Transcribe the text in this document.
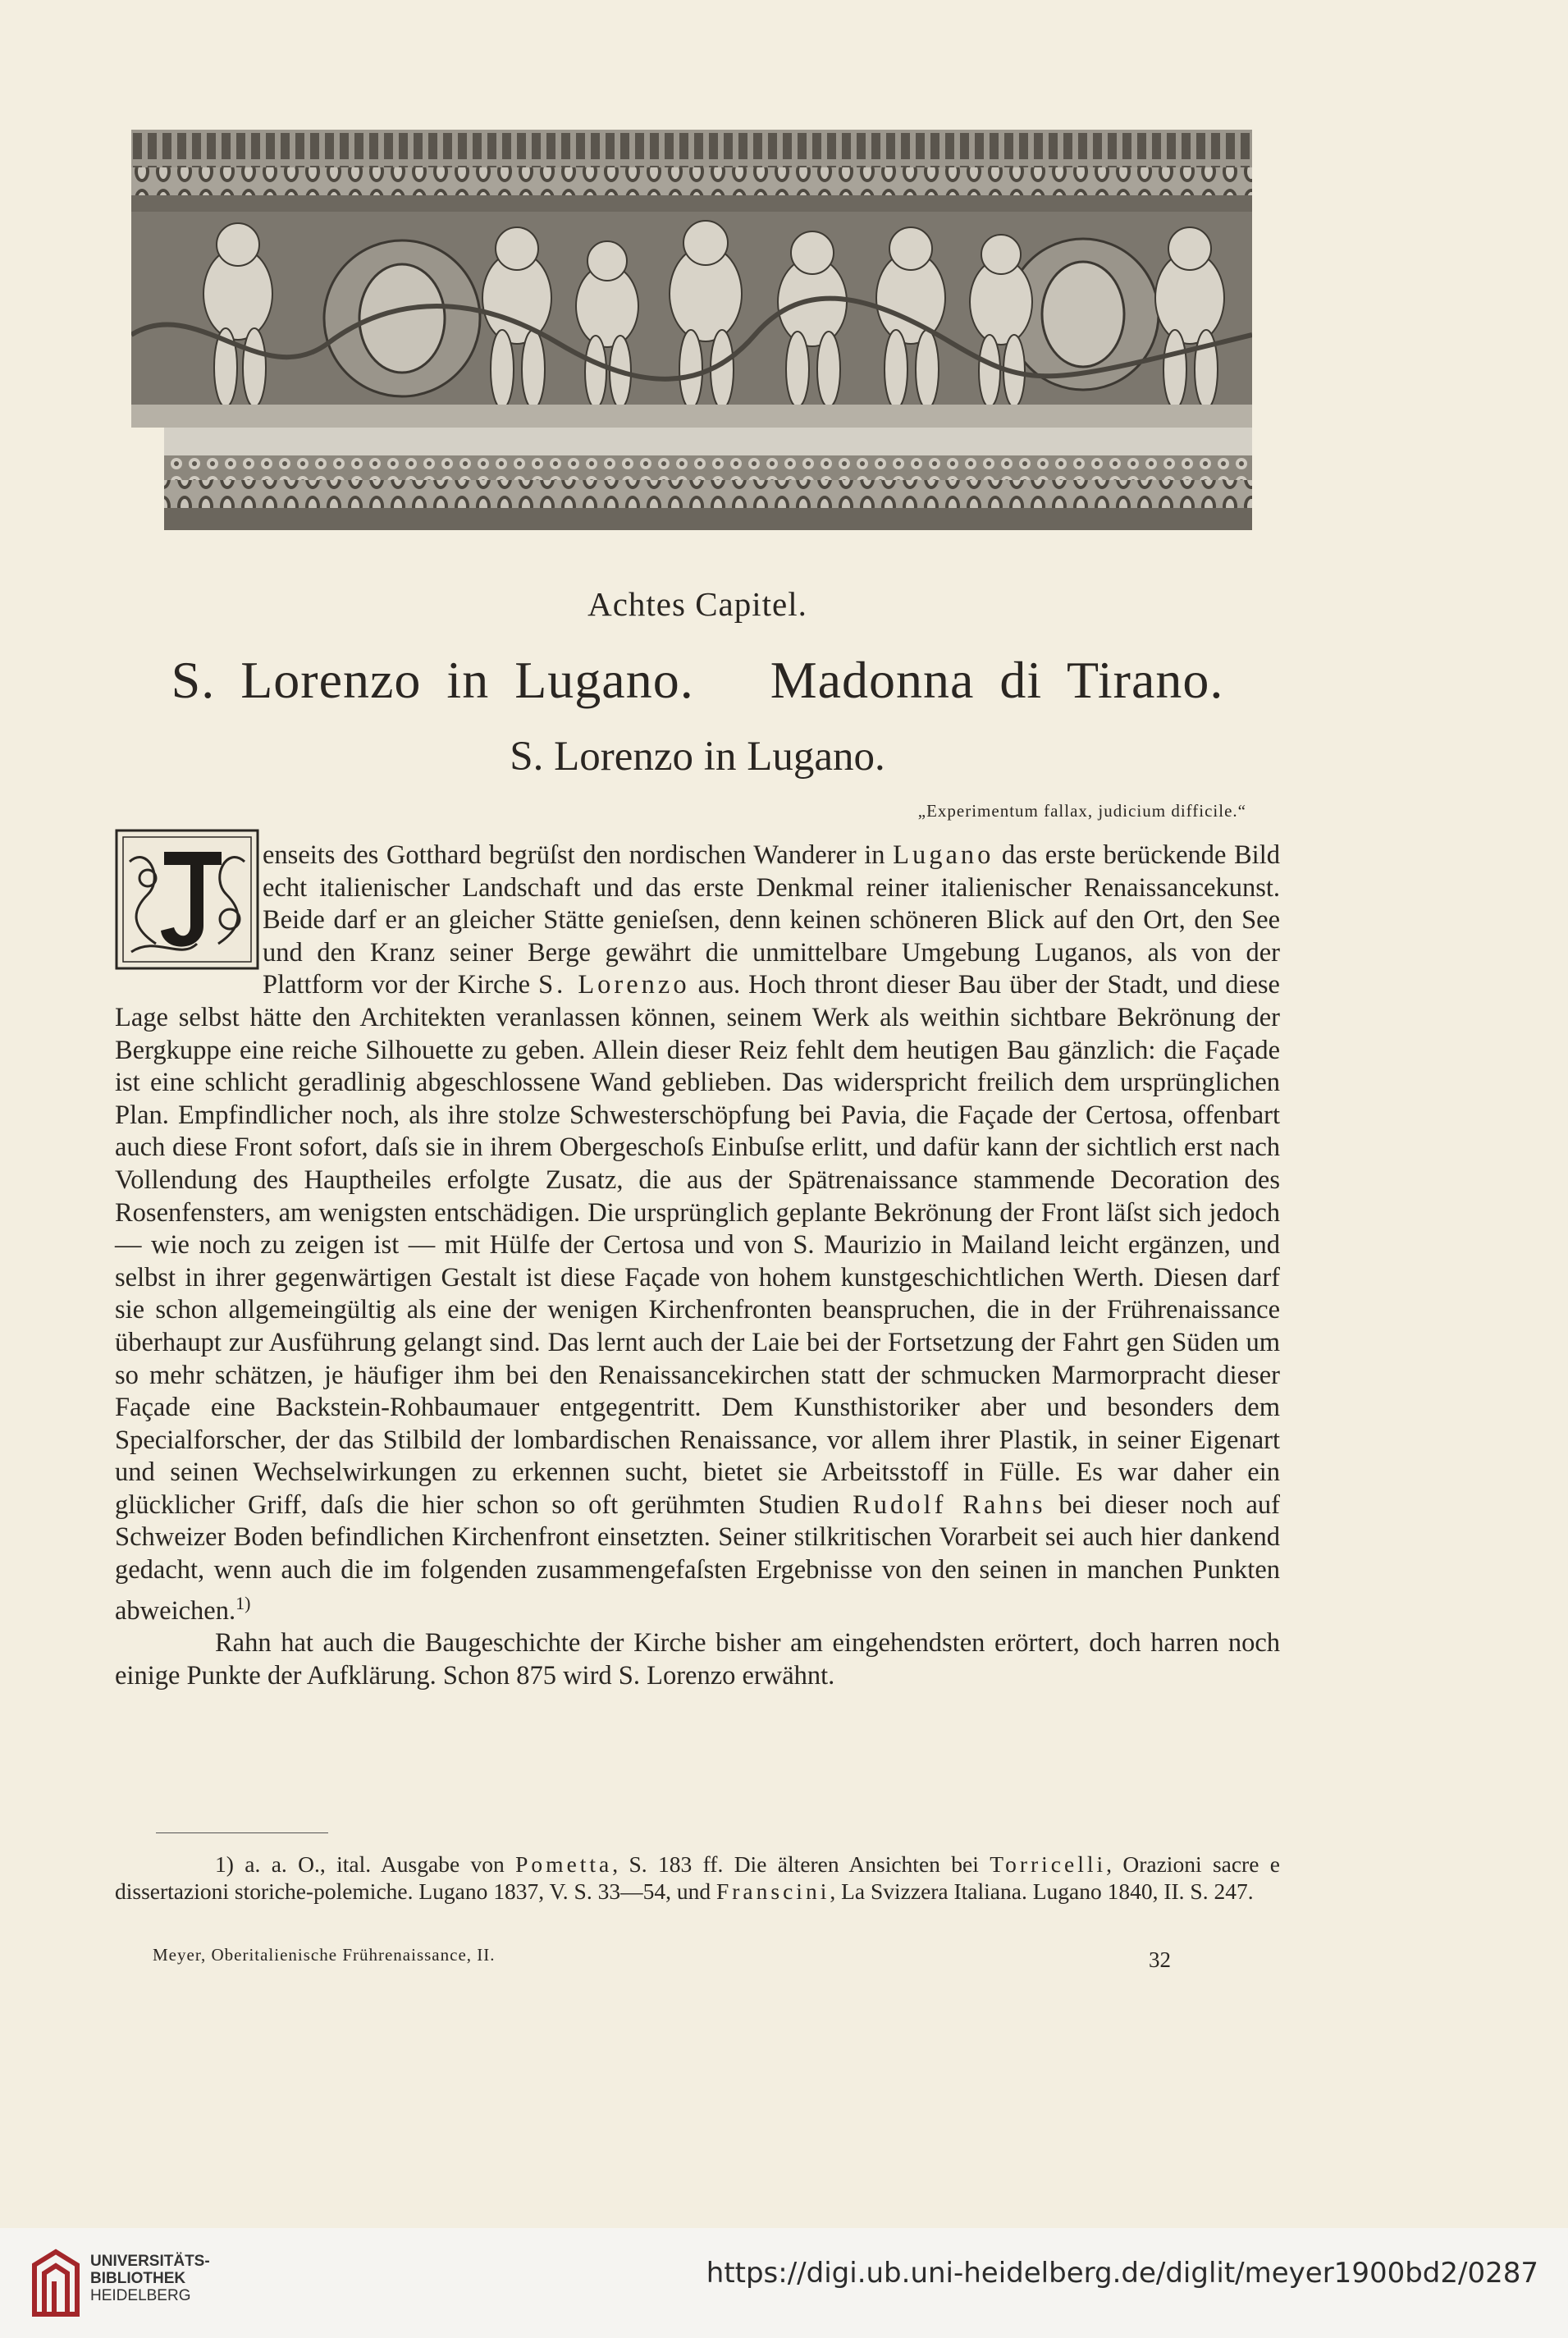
Achtes Capitel.
S. Lorenzo in Lugano.   Madonna di Tirano.
S. Lorenzo in Lugano.
„Experimentum fallax, judicium difficile.“

enseits des Gotthard begrüſst den nordischen Wanderer in Lugano das erste berückende Bild echt italienischer Landschaft und das erste Denkmal reiner italienischer Renaissancekunst. Beide darf er an gleicher Stätte genieſsen, denn keinen schöneren Blick auf den Ort, den See und den Kranz seiner Berge gewährt die unmittelbare Umgebung Luganos, als von der Plattform vor der Kirche S. Lorenzo aus. Hoch thront dieser Bau über der Stadt, und diese Lage selbst hätte den Architekten veranlassen können, seinem Werk als weithin sichtbare Bekrönung der Bergkuppe eine reiche Silhouette zu geben. Allein dieser Reiz fehlt dem heutigen Bau gänzlich: die Façade ist eine schlicht geradlinig abgeschlossene Wand geblieben. Das widerspricht freilich dem ursprünglichen Plan. Empfindlicher noch, als ihre stolze Schwesterschöpfung bei Pavia, die Façade der Certosa, offenbart auch diese Front sofort, daſs sie in ihrem Obergeschoſs Einbuſse erlitt, und dafür kann der sichtlich erst nach Vollendung des Hauptheiles erfolgte Zusatz, die aus der Spätrenaissance stammende Decoration des Rosenfensters, am wenigsten entschädigen. Die ursprünglich geplante Bekrönung der Front läſst sich jedoch — wie noch zu zeigen ist — mit Hülfe der Certosa und von S. Maurizio in Mailand leicht ergänzen, und selbst in ihrer gegenwärtigen Gestalt ist diese Façade von hohem kunstgeschichtlichen Werth. Diesen darf sie schon allgemeingültig als eine der wenigen Kirchenfronten beanspruchen, die in der Frührenaissance überhaupt zur Ausführung gelangt sind. Das lernt auch der Laie bei der Fortsetzung der Fahrt gen Süden um so mehr schätzen, je häufiger ihm bei den Renaissancekirchen statt der schmucken Marmorpracht dieser Façade eine Backstein-Rohbaumauer entgegentritt. Dem Kunsthistoriker aber und besonders dem Specialforscher, der das Stilbild der lombardischen Renaissance, vor allem ihrer Plastik, in seiner Eigenart und seinen Wechselwirkungen zu erkennen sucht, bietet sie Arbeitsstoff in Fülle. Es war daher ein glücklicher Griff, daſs die hier schon so oft gerühmten Studien Rudolf Rahns bei dieser noch auf Schweizer Boden befindlichen Kirchenfront einsetzten. Seiner stilkritischen Vorarbeit sei auch hier dankend gedacht, wenn auch die im folgenden zusammengefaſsten Ergebnisse von den seinen in manchen Punkten abweichen.$^{1)}$

Rahn hat auch die Baugeschichte der Kirche bisher am eingehendsten erörtert, doch harren noch einige Punkte der Aufklärung. Schon 875 wird S. Lorenzo erwähnt.

1) a. a. O., ital. Ausgabe von Pometta, S. 183 ff. Die älteren Ansichten bei Torricelli, Orazioni sacre e dissertazioni storiche-polemiche. Lugano 1837, V. S. 33—54, und Franscini, La Svizzera Italiana. Lugano 1840, II. S. 247.

Meyer, Oberitalienische Frührenaissance, II.	32
UNIVERSITÄTS-
BIBLIOTHEK
HEIDELBERG
https://digi.ub.uni-heidelberg.de/diglit/meyer1900bd2/0287
